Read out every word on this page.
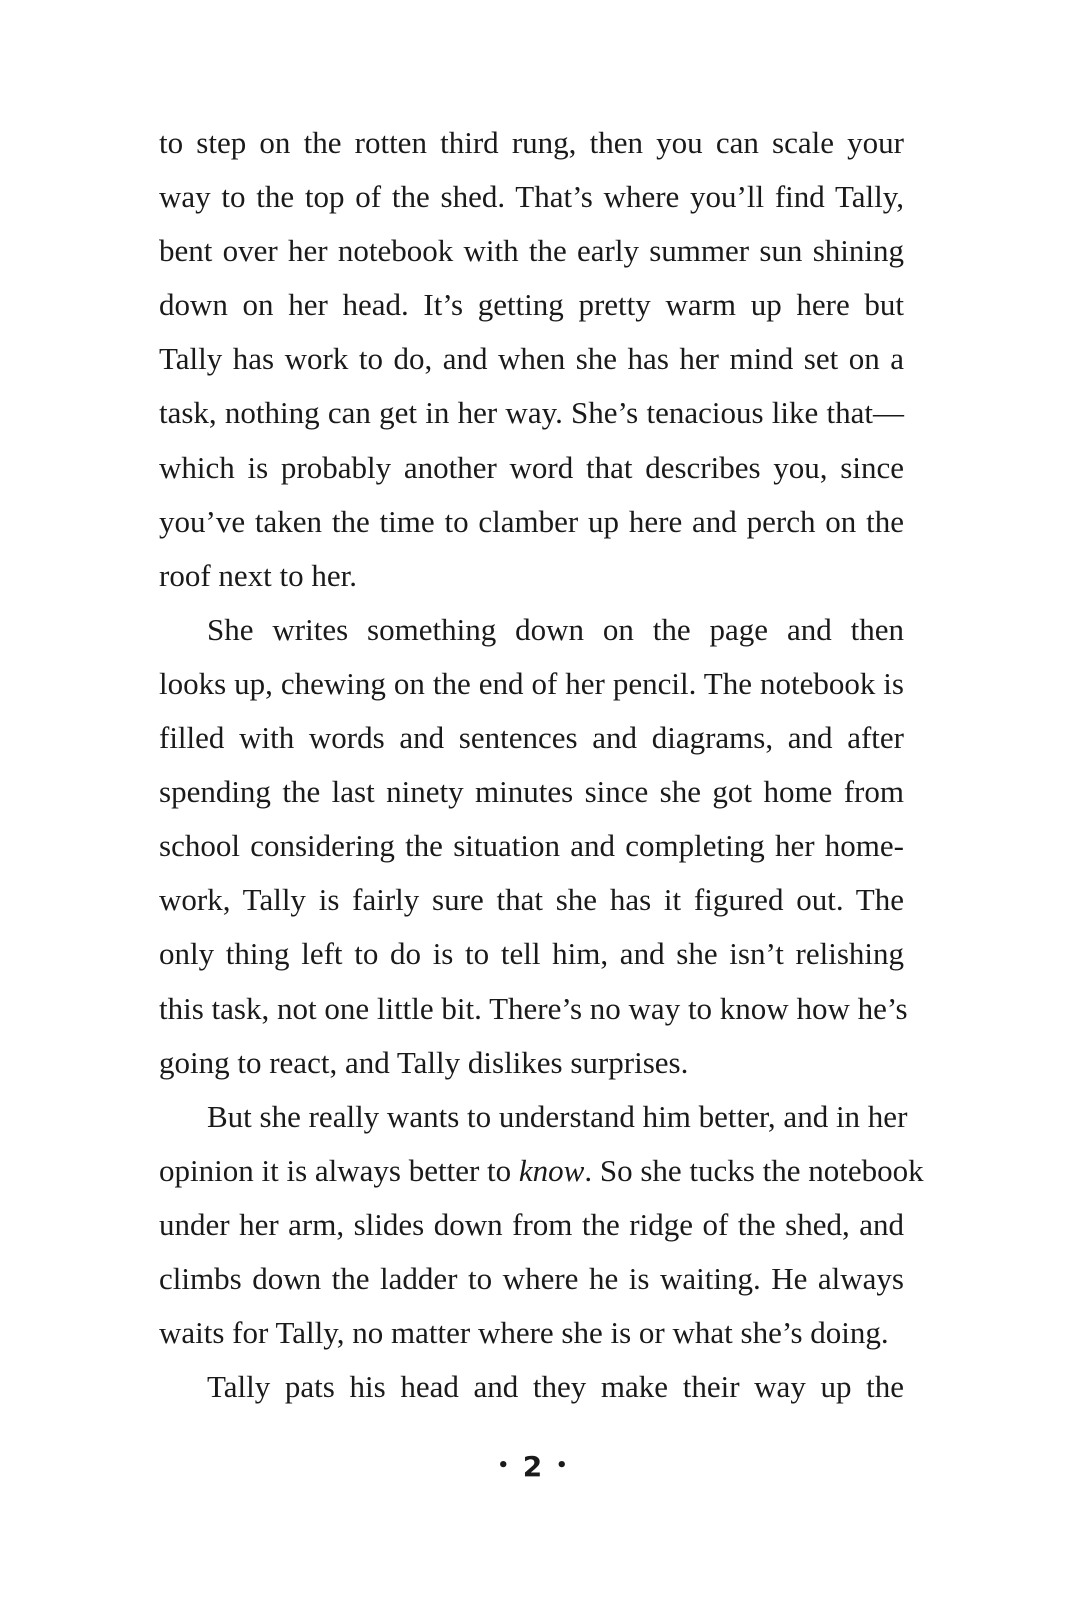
to step on the rotten third rung, then you can scale your
way to the top of the shed. That’s where you’ll find Tally,
bent over her notebook with the early summer sun shining
down on her head. It’s getting pretty warm up here but
Tally has work to do, and when she has her mind set on a
task, nothing can get in her way. She’s tenacious like that—
which is probably another word that describes you, since
you’ve taken the time to clamber up here and perch on the
roof next to her.
She writes something down on the page and then
looks up, chewing on the end of her pencil. The notebook is
filled with words and sentences and diagrams, and after
spending the last ninety minutes since she got home from
school considering the situation and completing her home-
work, Tally is fairly sure that she has it figured out. The
only thing left to do is to tell him, and she isn’t relishing
this task, not one little bit. There’s no way to know how he’s
going to react, and Tally dislikes surprises.
But she really wants to understand him better, and in her
opinion it is always better to know. So she tucks the notebook
under her arm, slides down from the ridge of the shed, and
climbs down the ladder to where he is waiting. He always
waits for Tally, no matter where she is or what she’s doing.
Tally pats his head and they make their way up the
• 2 •
